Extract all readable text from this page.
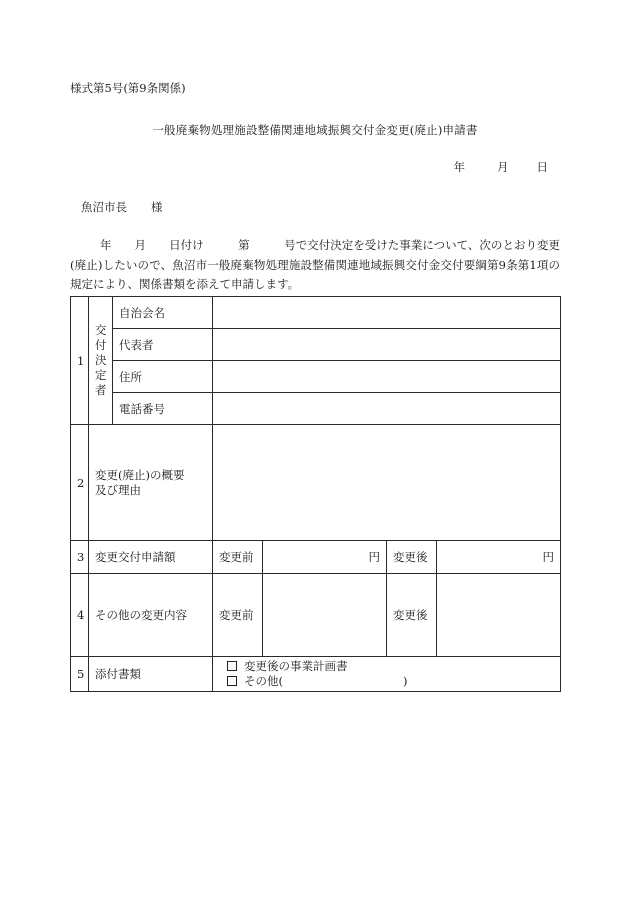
様式第5号(第9条関係)
一般廃棄物処理施設整備関連地域振興交付金変更(廃止)申請書
年	月 日
魚沼市長 様
年　　月　　日付け　　　第　　　号で交付決定を受けた事業について、次のとおり変更(廃止)したいので、魚沼市一般廃棄物処理施設整備関連地域振興交付金交付要綱第9条第1項の規定により、関係書類を添えて申請します。
1	交
付
決
定
者	自治会名				
		代表者				
		住所				
		電話番号				
2	変更(廃止)の概要
及び理由					
3	変更交付申請額		変更前	円	変更後	円
4	その他の変更内容		変更前		変更後	
5	添付書類		変更後の事業計画書
その他( )			
